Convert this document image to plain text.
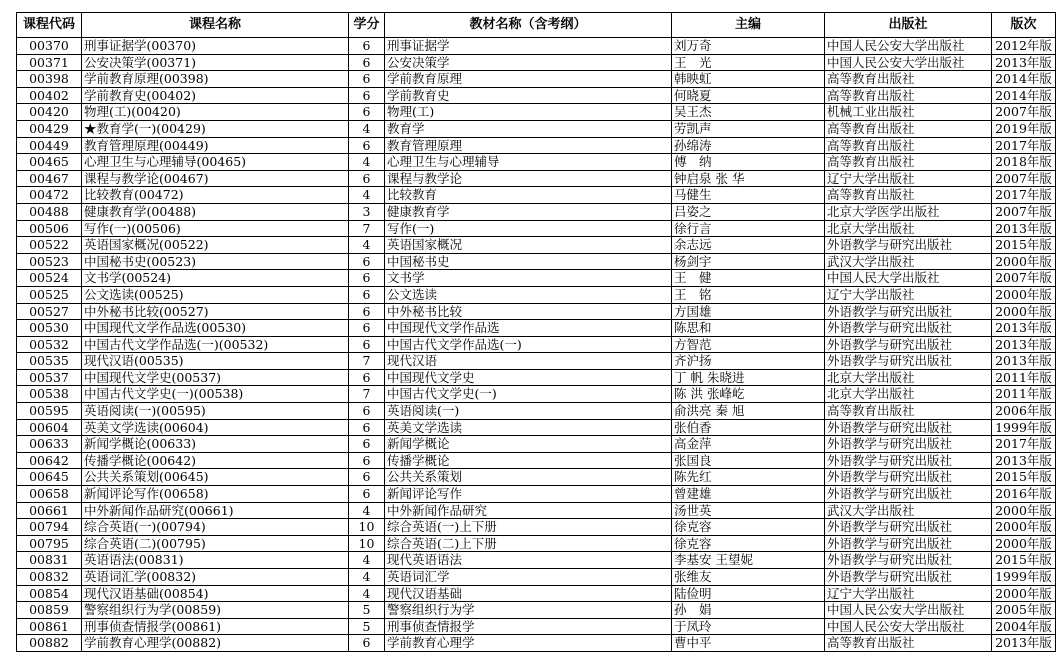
课程代码	课程名称	学分	教材名称（含考纲）	主编	出版社	版次
00370	刑事证据学(00370)	6	刑事证据学	刘万奇	中国人民公安大学出版社	2012年版
00371	公安决策学(00371)	6	公安决策学	王　光	中国人民公安大学出版社	2013年版
00398	学前教育原理(00398)	6	学前教育原理	韩映虹	高等教育出版社	2014年版
00402	学前教育史(00402)	6	学前教育史	何晓夏	高等教育出版社	2014年版
00420	物理(工)(00420)	6	物理(工)	吴王杰	机械工业出版社	2007年版
00429	★教育学(一)(00429)	4	教育学	劳凯声	高等教育出版社	2019年版
00449	教育管理原理(00449)	6	教育管理原理	孙绵涛	高等教育出版社	2017年版
00465	心理卫生与心理辅导(00465)	4	心理卫生与心理辅导	傅　纳	高等教育出版社	2018年版
00467	课程与教学论(00467)	6	课程与教学论	钟启泉 张 华	辽宁大学出版社	2007年版
00472	比较教育(00472)	4	比较教育	马健生	高等教育出版社	2017年版
00488	健康教育学(00488)	3	健康教育学	吕姿之	北京大学医学出版社	2007年版
00506	写作(一)(00506)	7	写作(一)	徐行言	北京大学出版社	2013年版
00522	英语国家概况(00522)	4	英语国家概况	余志远	外语教学与研究出版社	2015年版
00523	中国秘书史(00523)	6	中国秘书史	杨剑宇	武汉大学出版社	2000年版
00524	文书学(00524)	6	文书学	王　健	中国人民大学出版社	2007年版
00525	公文选读(00525)	6	公文选读	王　铭	辽宁大学出版社	2000年版
00527	中外秘书比较(00527)	6	中外秘书比较	方国雄	外语教学与研究出版社	2000年版
00530	中国现代文学作品选(00530)	6	中国现代文学作品选	陈思和	外语教学与研究出版社	2013年版
00532	中国古代文学作品选(一)(00532)	6	中国古代文学作品选(一)	方智范	外语教学与研究出版社	2013年版
00535	现代汉语(00535)	7	现代汉语	齐沪扬	外语教学与研究出版社	2013年版
00537	中国现代文学史(00537)	6	中国现代文学史	丁 帆 朱晓进	北京大学出版社	2011年版
00538	中国古代文学史(一)(00538)	7	中国古代文学史(一)	陈 洪 张峰屹	北京大学出版社	2011年版
00595	英语阅读(一)(00595)	6	英语阅读(一)	俞洪亮 秦 旭	高等教育出版社	2006年版
00604	英美文学选读(00604)	6	英美文学选读	张伯香	外语教学与研究出版社	1999年版
00633	新闻学概论(00633)	6	新闻学概论	高金萍	外语教学与研究出版社	2017年版
00642	传播学概论(00642)	6	传播学概论	张国良	外语教学与研究出版社	2013年版
00645	公共关系策划(00645)	6	公共关系策划	陈先红	外语教学与研究出版社	2015年版
00658	新闻评论写作(00658)	6	新闻评论写作	曾建雄	外语教学与研究出版社	2016年版
00661	中外新闻作品研究(00661)	4	中外新闻作品研究	汤世英	武汉大学出版社	2000年版
00794	综合英语(一)(00794)	10	综合英语(一)上下册	徐克容	外语教学与研究出版社	2000年版
00795	综合英语(二)(00795)	10	综合英语(二)上下册	徐克容	外语教学与研究出版社	2000年版
00831	英语语法(00831)	4	现代英语语法	李基安 王望妮	外语教学与研究出版社	2015年版
00832	英语词汇学(00832)	4	英语词汇学	张维友	外语教学与研究出版社	1999年版
00854	现代汉语基础(00854)	4	现代汉语基础	陆俭明	辽宁大学出版社	2000年版
00859	警察组织行为学(00859)	5	警察组织行为学	孙　娟	中国人民公安大学出版社	2005年版
00861	刑事侦查情报学(00861)	5	刑事侦查情报学	于凤玲	中国人民公安大学出版社	2004年版
00882	学前教育心理学(00882)	6	学前教育心理学	曹中平	高等教育出版社	2013年版
